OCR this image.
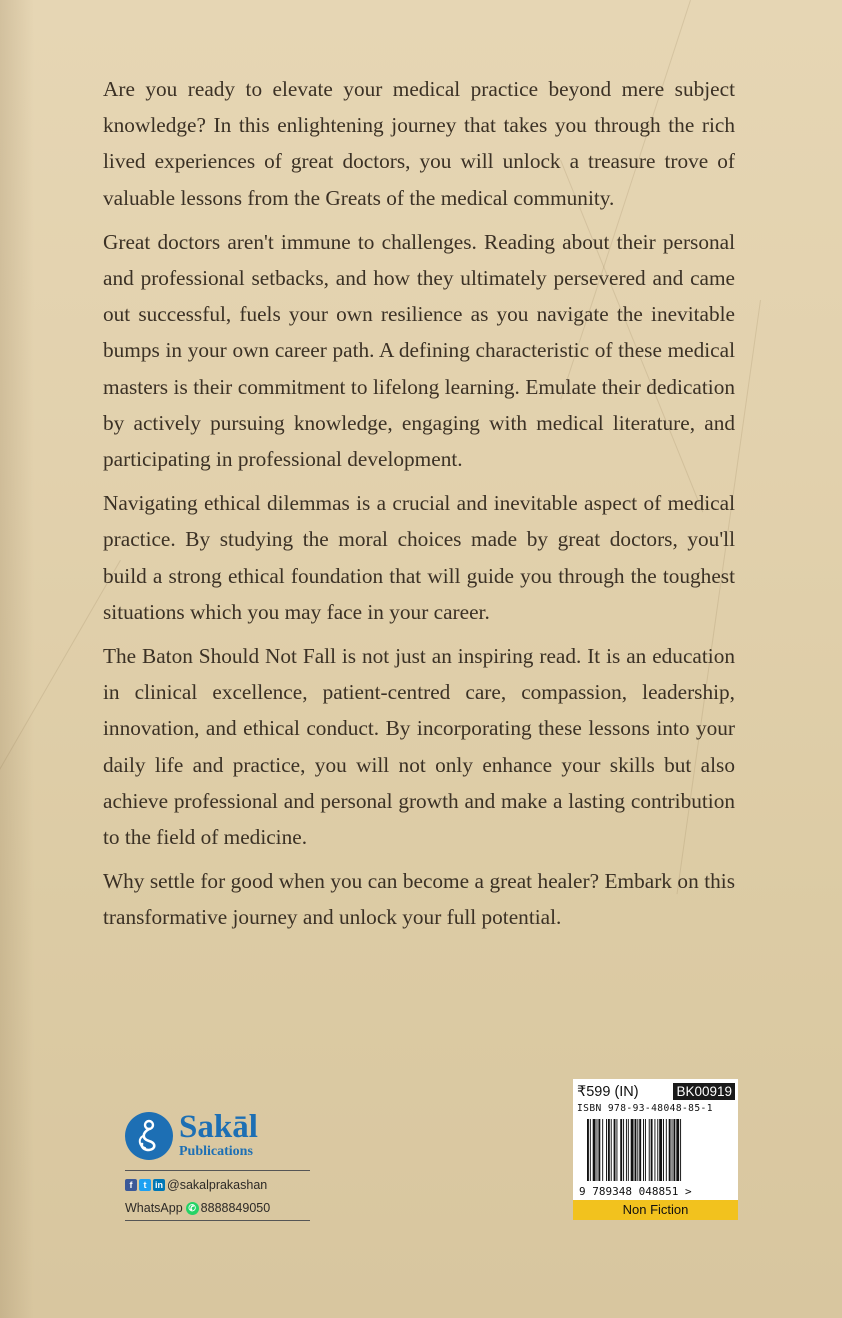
Are you ready to elevate your medical practice beyond mere subject knowledge? In this enlightening journey that takes you through the rich lived experiences of great doctors, you will unlock a treasure trove of valuable lessons from the Greats of the medical community.

Great doctors aren't immune to challenges. Reading about their personal and professional setbacks, and how they ultimately persevered and came out successful, fuels your own resilience as you navigate the inevitable bumps in your own career path. A defining characteristic of these medical masters is their commitment to lifelong learning. Emulate their dedication by actively pursuing knowledge, engaging with medical literature, and participating in professional development.

Navigating ethical dilemmas is a crucial and inevitable aspect of medical practice. By studying the moral choices made by great doctors, you'll build a strong ethical foundation that will guide you through the toughest situations which you may face in your career.

The Baton Should Not Fall is not just an inspiring read. It is an education in clinical excellence, patient-centred care, compassion, leadership, innovation, and ethical conduct. By incorporating these lessons into your daily life and practice, you will not only enhance your skills but also achieve professional and personal growth and make a lasting contribution to the field of medicine.

Why settle for good when you can become a great healer? Embark on this transformative journey and unlock your full potential.

Sakāl
Publications
f	t in @sakalprakashan
WhatsApp ✆ 8888849050
₹599 (IN)	BK00919
ISBN 978-93-48048-85-1
9 789348 048851 >
Non Fiction
